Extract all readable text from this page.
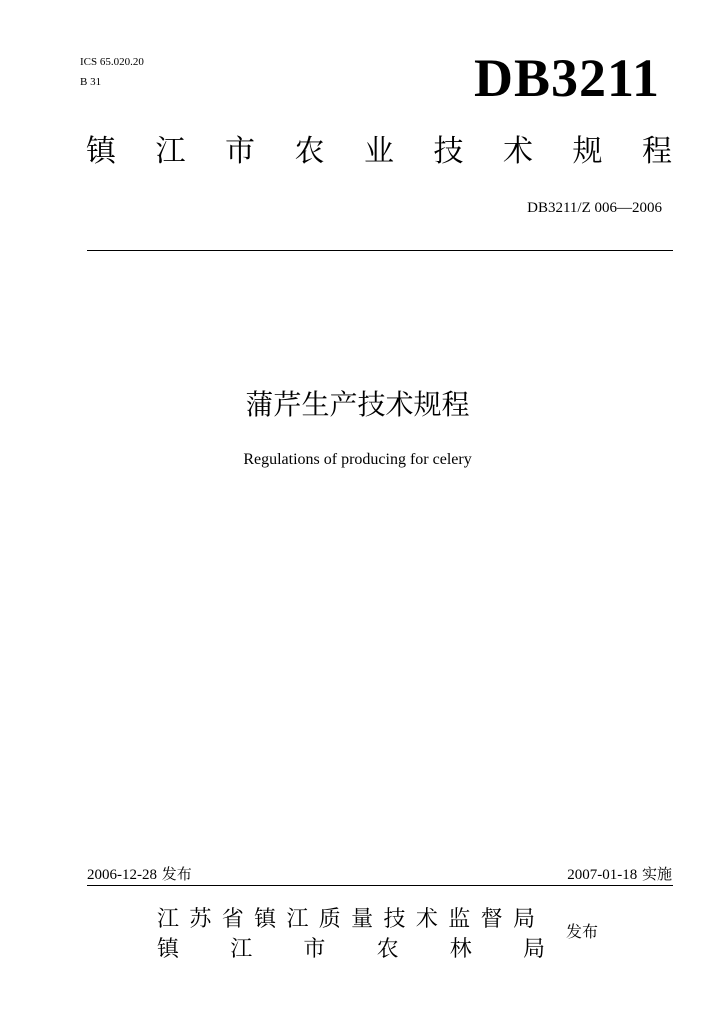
ICS 65.020.20
B 31	DB3211
镇 江 市 农 业 技 术 规 程
DB3211/Z 006—2006
蒲芹生产技术规程
Regulations of producing for celery
2006-12-28 发布	2007-01-18 实施
江 苏 省 镇 江 质 量 技 术 监 督 局
镇 江 市 农 林 局
发布
